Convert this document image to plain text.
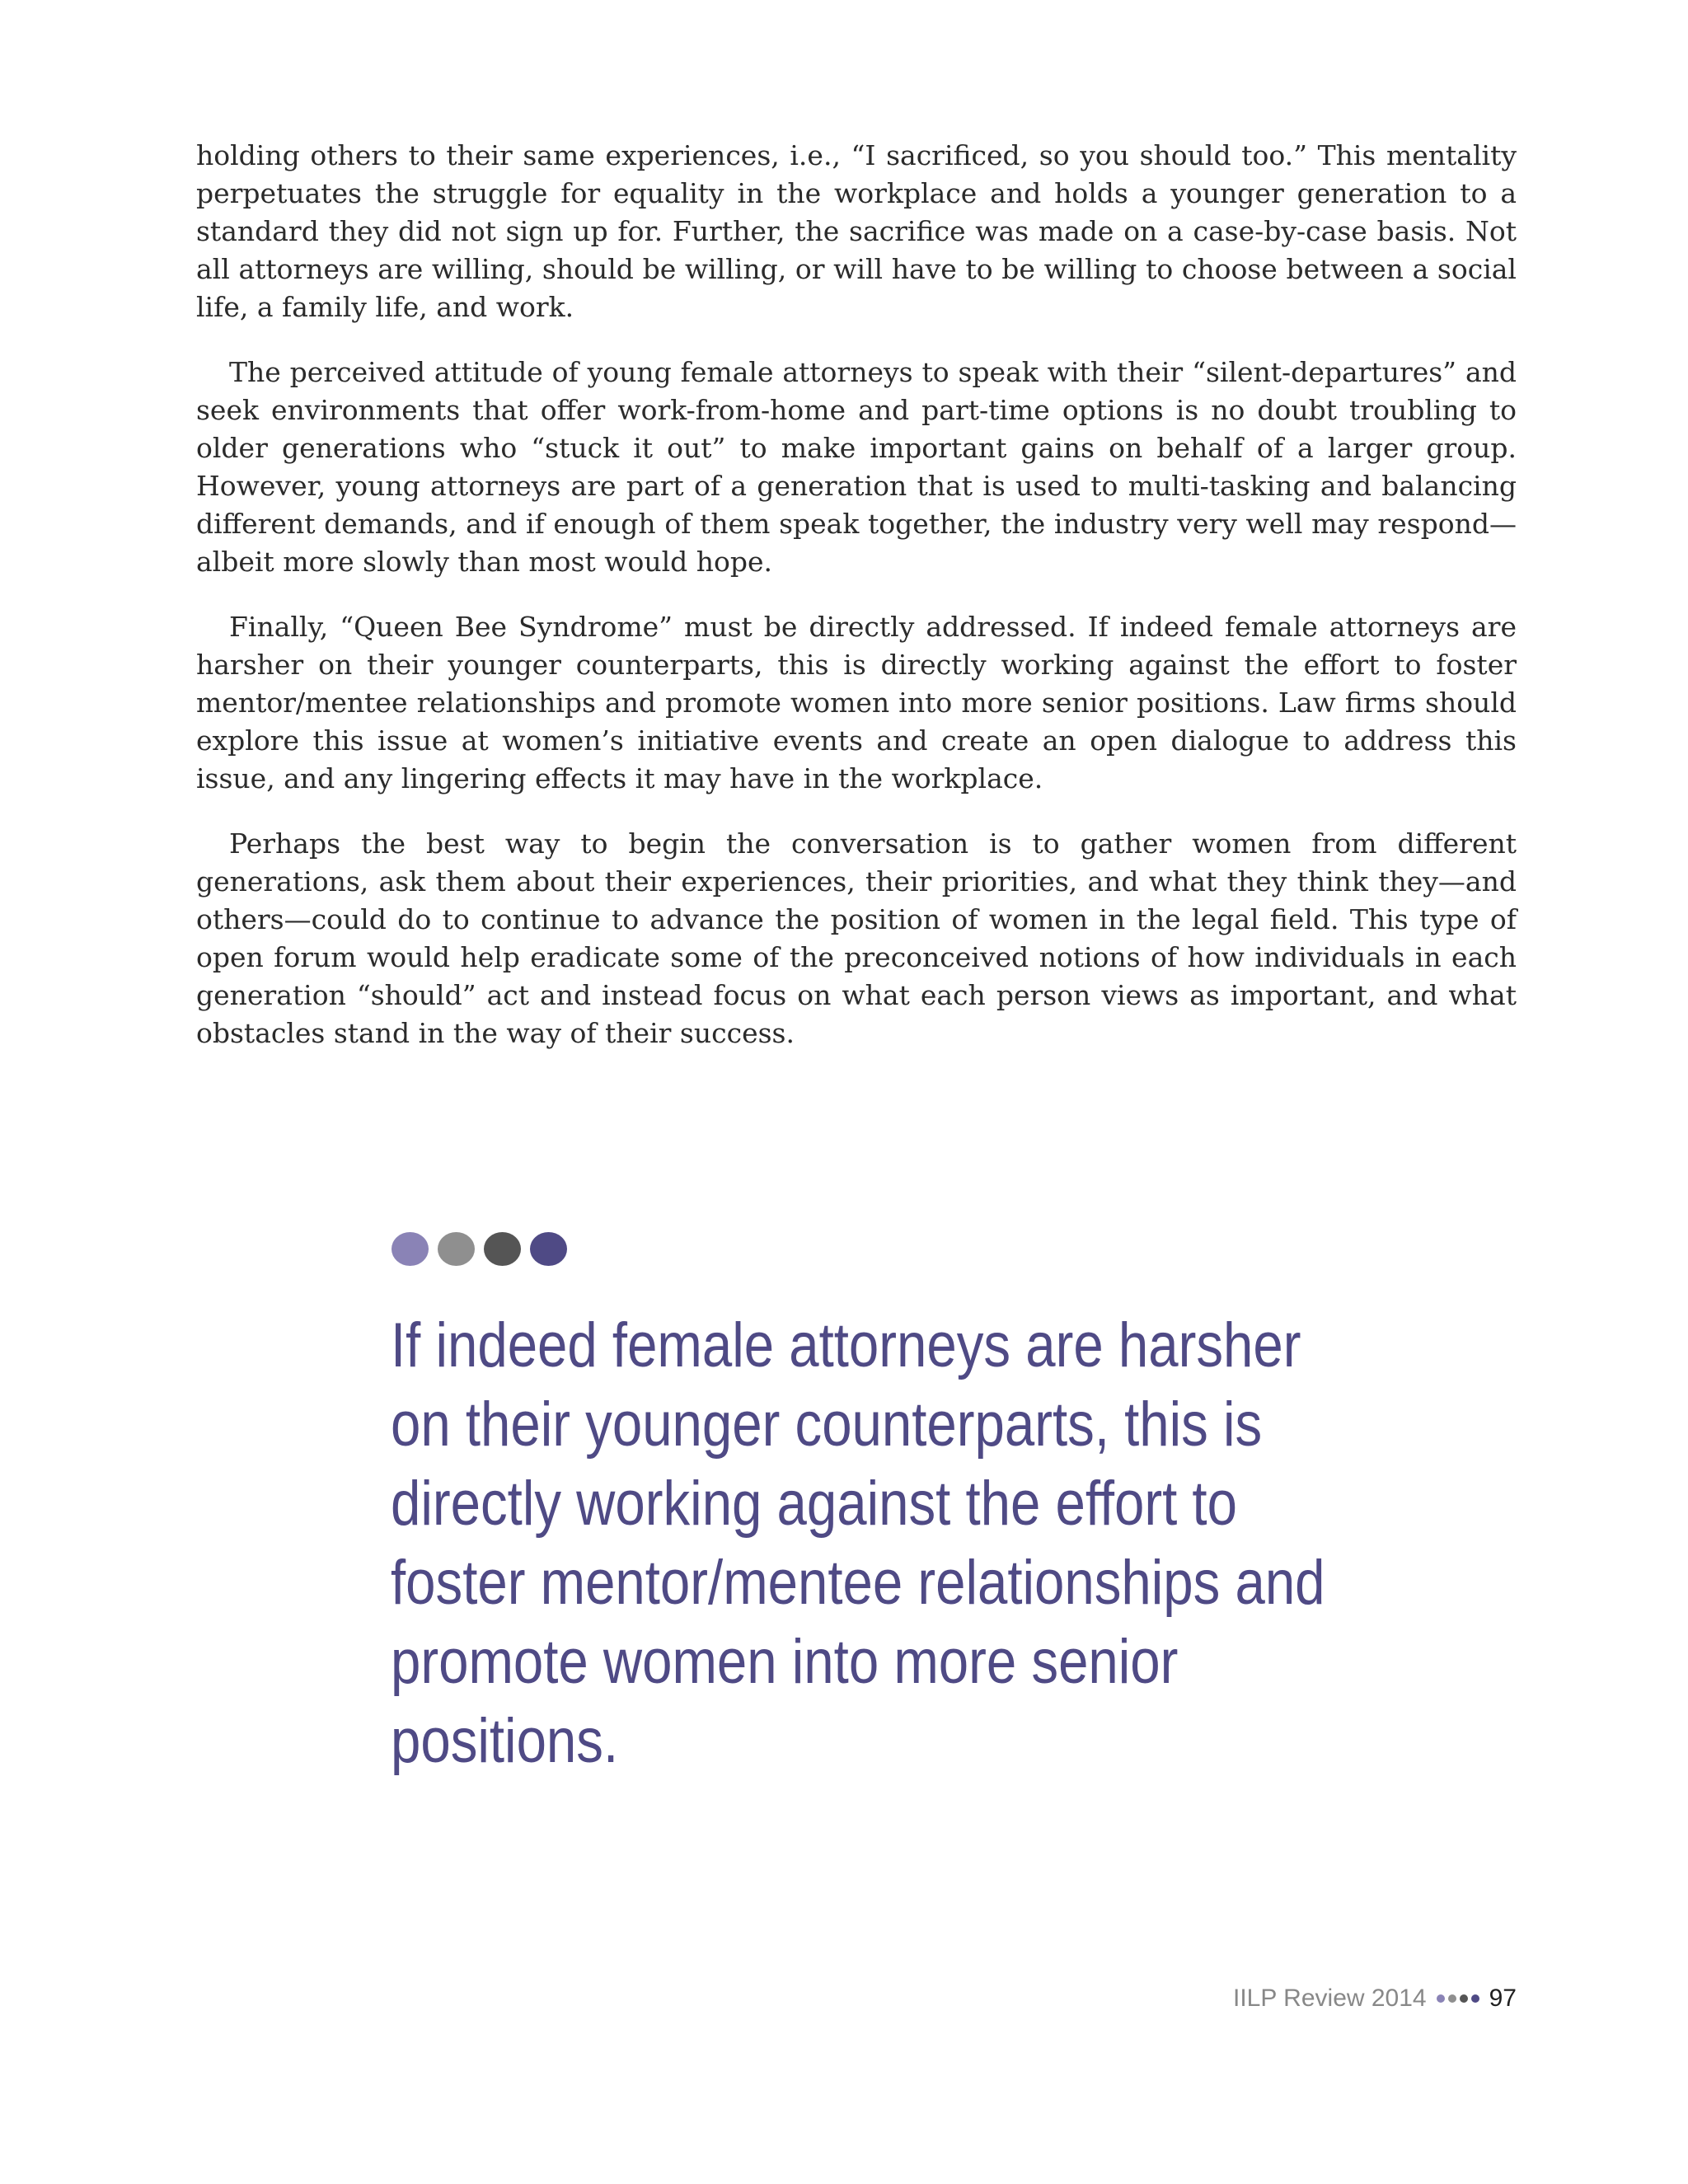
holding others to their same experiences, i.e., “I sacrificed, so you should too.” This mentality perpetuates the struggle for equality in the workplace and holds a younger generation to a standard they did not sign up for. Further, the sacrifice was made on a case-by-case basis. Not all attorneys are willing, should be willing, or will have to be willing to choose between a social life, a family life, and work.

The perceived attitude of young female attorneys to speak with their “silent-departures” and seek environments that offer work-from-home and part-time options is no doubt troubling to older generations who “stuck it out” to make important gains on behalf of a larger group. However, young attorneys are part of a generation that is used to multi-tasking and balancing different demands, and if enough of them speak together, the industry very well may respond—albeit more slowly than most would hope.

Finally, “Queen Bee Syndrome” must be directly addressed. If indeed female attorneys are harsher on their younger counterparts, this is directly working against the effort to foster mentor/mentee relationships and promote women into more senior positions. Law firms should explore this issue at women’s initiative events and create an open dialogue to address this issue, and any lingering effects it may have in the workplace.

Perhaps the best way to begin the conversation is to gather women from different generations, ask them about their experiences, their priorities, and what they think they—and others—could do to continue to advance the position of women in the legal field. This type of open forum would help eradicate some of the preconceived notions of how individuals in each generation “should” act and instead focus on what each person views as important, and what obstacles stand in the way of their success.

If indeed female attorneys are harsher on their younger counterparts, this is directly working against the effort to foster mentor/mentee relationships and promote women into more senior positions.
IILP Review 2014	97
